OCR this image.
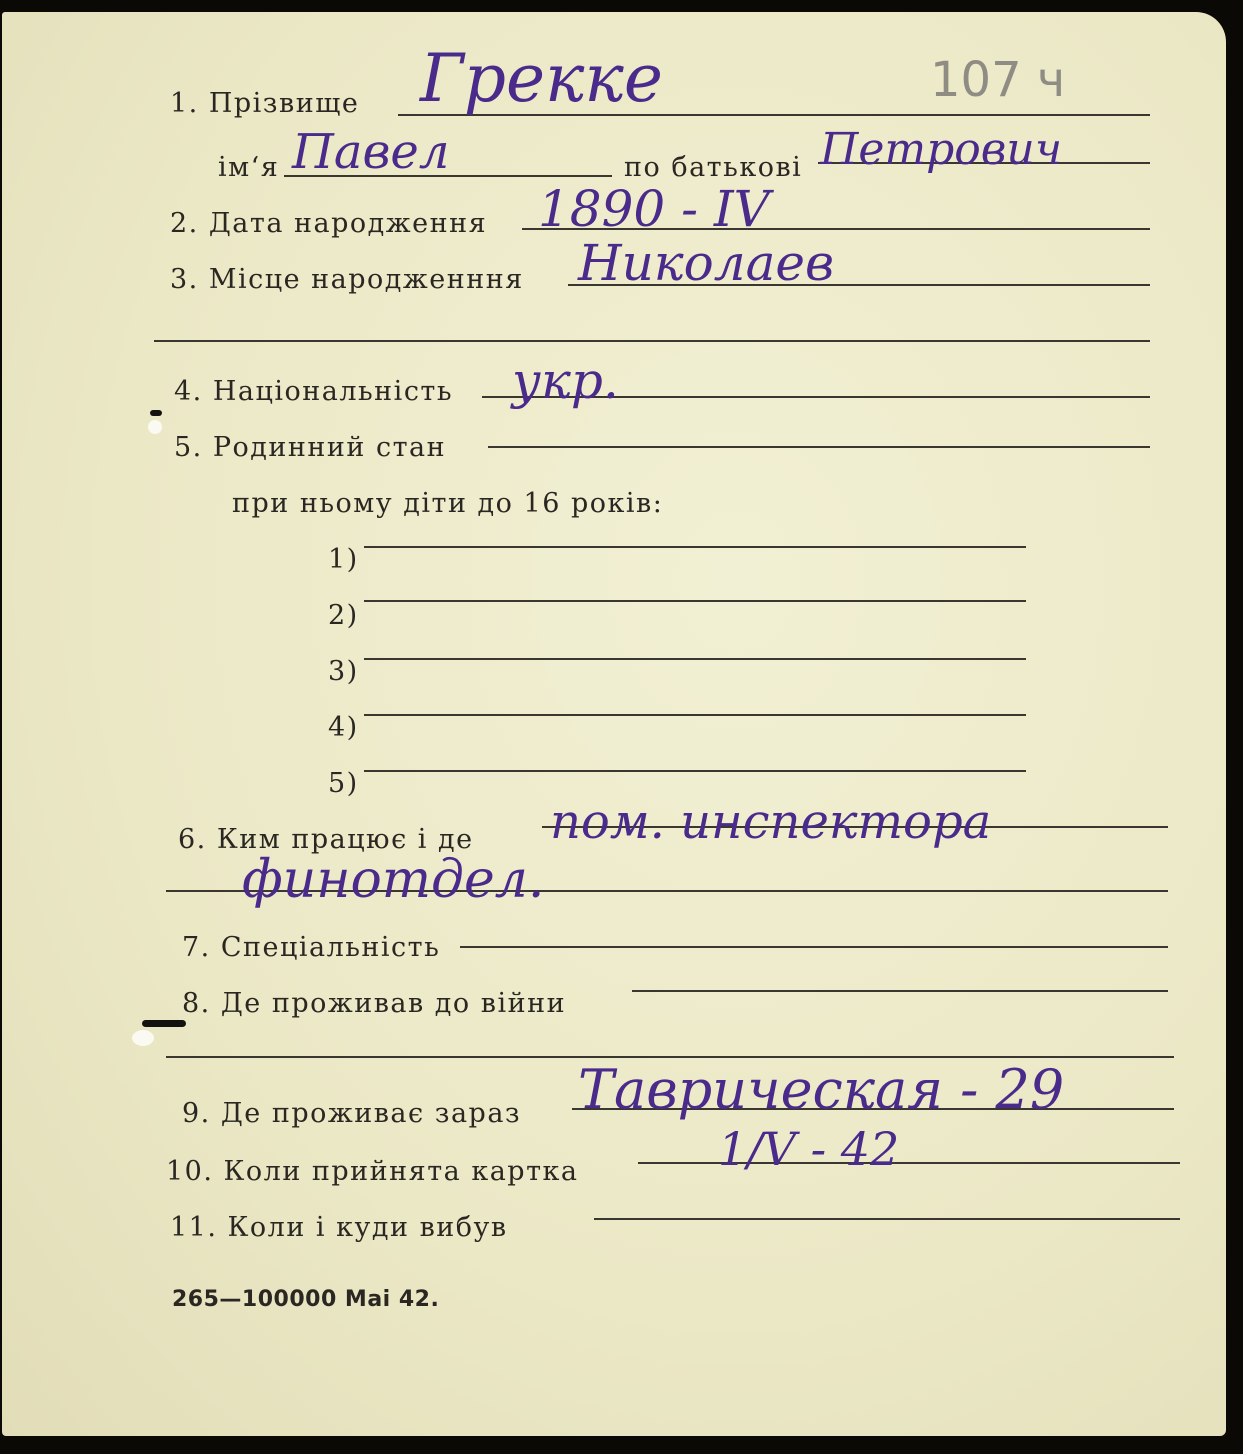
107 ч
1. Прізвище Грекке
ім‘я Павел	по батькові Петрович
2. Дата народження 1890 - IV
3. Місце народженння Николаев
4. Національність укр.
5. Родинний стан
при ньому діти до 16 років:
1)
2)
3)
4)
5)
6. Ким працює і де пом. инспектора
финотдел.
7. Спеціальність
8. Де проживав до війни
9. Де проживає зараз Таврическая - 29
10. Коли прийнята картка	1/V - 42
11. Коли і куди вибув
265—100000 Mai 42.
